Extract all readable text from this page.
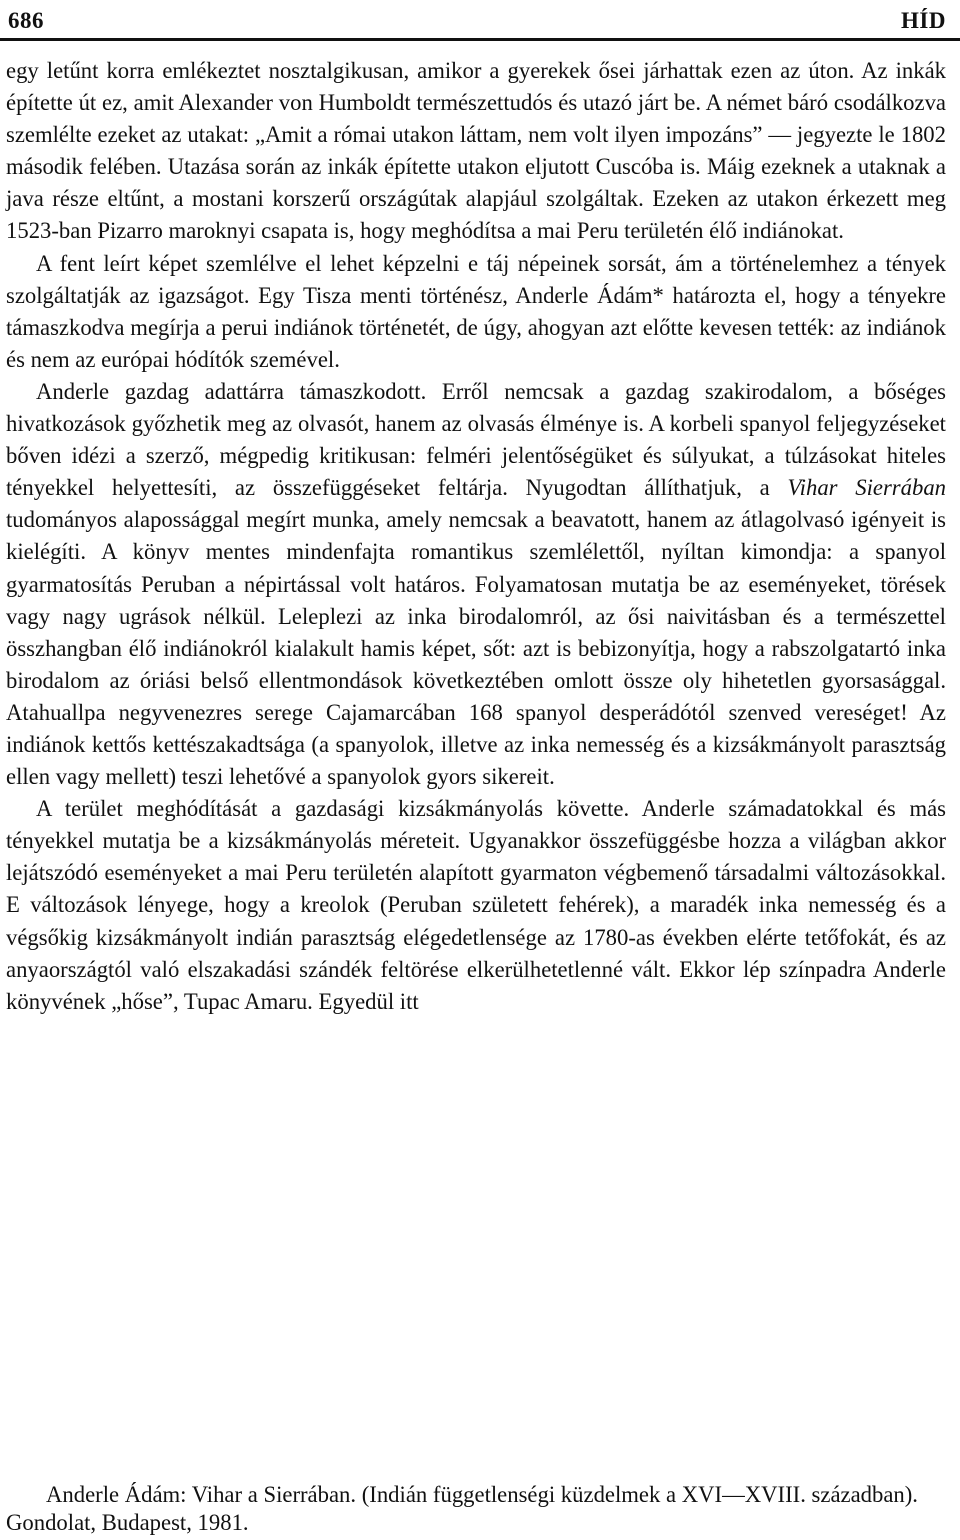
686	HÍD

egy letűnt korra emlékeztet nosztalgikusan, amikor a gyerekek ősei járhattak ezen az úton. Az inkák építette út ez, amit Alexander von Humboldt természettudós és utazó járt be. A német báró csodálkozva szemlélte ezeket az utakat: „Amit a római utakon láttam, nem volt ilyen impozáns” — jegyezte le 1802 második felében. Utazása során az inkák építette utakon eljutott Cuscóba is. Máig ezeknek a utaknak a java része eltűnt, a mostani korszerű országútak alapjául szolgáltak. Ezeken az utakon érkezett meg 1523-ban Pizarro maroknyi csapata is, hogy meghódítsa a mai Peru területén élő indiánokat.

A fent leírt képet szemlélve el lehet képzelni e táj népeinek sorsát, ám a történelemhez a tények szolgáltatják az igazságot. Egy Tisza menti történész, Anderle Ádám* határozta el, hogy a tényekre támaszkodva megírja a perui indiánok történetét, de úgy, ahogyan azt előtte kevesen tették: az indiánok és nem az európai hódítók szemével.

Anderle gazdag adattárra támaszkodott. Erről nemcsak a gazdag szakirodalom, a bőséges hivatkozások győzhetik meg az olvasót, hanem az olvasás élménye is. A korbeli spanyol feljegyzéseket bőven idézi a szerző, mégpedig kritikusan: felméri jelentőségüket és súlyukat, a túlzásokat hiteles tényekkel helyettesíti, az összefüggéseket feltárja. Nyugodtan állíthatjuk, a Vihar Sierrában tudományos alapossággal megírt munka, amely nemcsak a beavatott, hanem az átlagolvasó igényeit is kielégíti. A könyv mentes mindenfajta romantikus szemlélettől, nyíltan kimondja: a spanyol gyarmatosítás Peruban a népirtással volt határos. Folyamatosan mutatja be az eseményeket, törések vagy nagy ugrások nélkül. Leleplezi az inka birodalomról, az ősi naivitásban és a természettel összhangban élő indiánokról kialakult hamis képet, sőt: azt is bebizonyítja, hogy a rabszolgatartó inka birodalom az óriási belső ellentmondások következtében omlott össze oly hihetetlen gyorsasággal. Atahuallpa negyvenezres serege Cajamarcában 168 spanyol desperádótól szenved vereséget! Az indiánok kettős kettészakadtsága (a spanyolok, illetve az inka nemesség és a kizsákmányolt parasztság ellen vagy mellett) teszi lehetővé a spanyolok gyors sikereit.

A terület meghódítását a gazdasági kizsákmányolás követte. Anderle számadatokkal és más tényekkel mutatja be a kizsákmányolás méreteit. Ugyanakkor összefüggésbe hozza a világban akkor lejátszódó eseményeket a mai Peru területén alapított gyarmaton végbemenő társadalmi változásokkal. E változások lényege, hogy a kreolok (Peruban született fehérek), a maradék inka nemesség és a végsőkig kizsákmányolt indián parasztság elégedetlensége az 1780-as években elérte tetőfokát, és az anyaországtól való elszakadási szándék feltörése elkerülhetetlenné vált. Ekkor lép színpadra Anderle könyvének „hőse”, Tupac Amaru. Egyedül itt

Anderle Ádám: Vihar a Sierrában. (Indián függetlenségi küzdelmek a XVI—XVIII. században). Gondolat, Budapest, 1981.
